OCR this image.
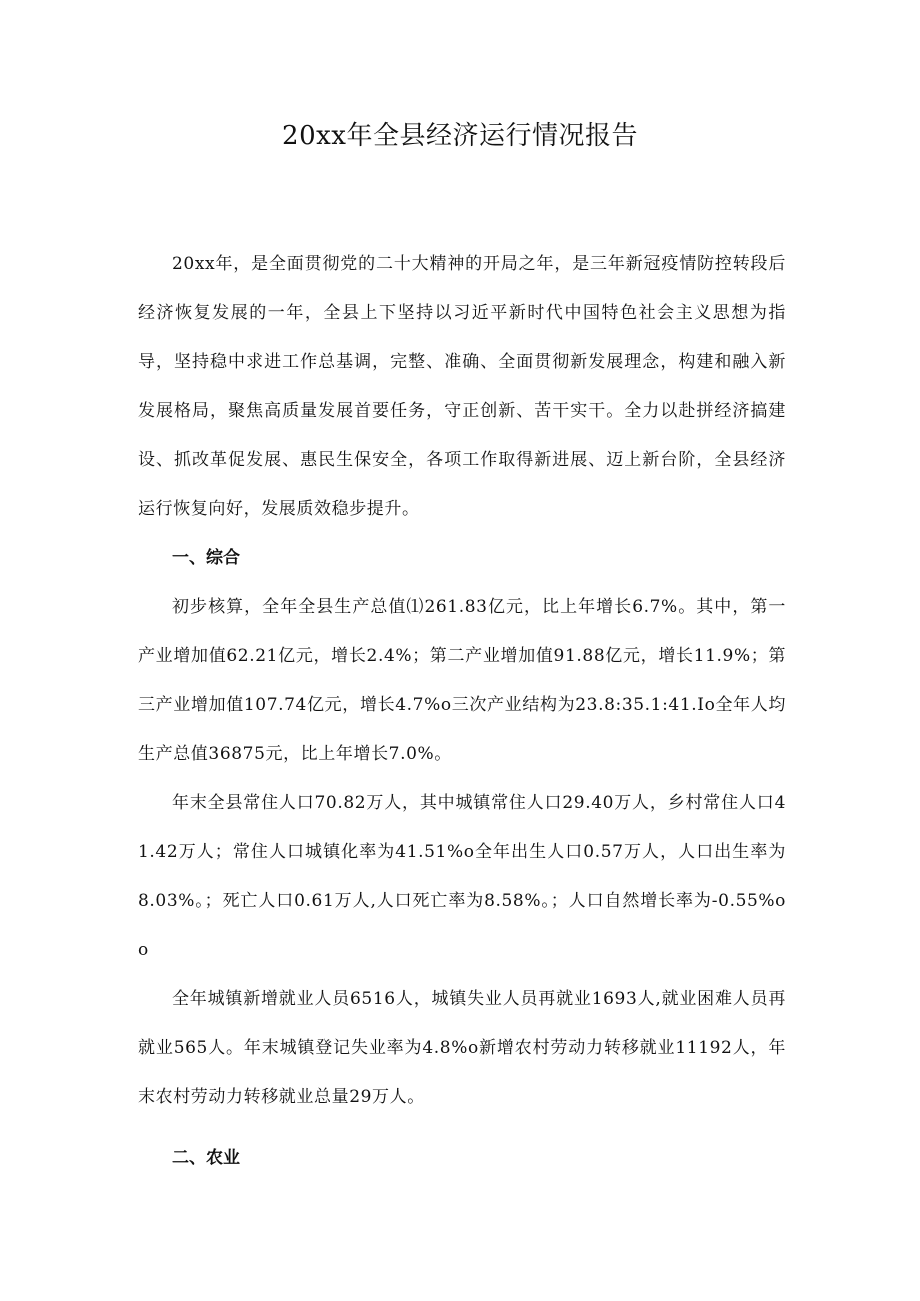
20xx年全县经济运行情况报告

20xx年，是全面贯彻党的二十大精神的开局之年，是三年新冠疫情防控转段后经济恢复发展的一年，全县上下坚持以习近平新时代中国特色社会主义思想为指导，坚持稳中求进工作总基调，完整、准确、全面贯彻新发展理念，构建和融入新发展格局，聚焦高质量发展首要任务，守正创新、苦干实干。全力以赴拼经济搞建设、抓改革促发展、惠民生保安全，各项工作取得新进展、迈上新台阶，全县经济运行恢复向好，发展质效稳步提升。

一、综合

初步核算，全年全县生产总值⑴261.83亿元，比上年增长6.7%。其中，第一产业增加值62.21亿元，增长2.4%；第二产业增加值91.88亿元，增长11.9%；第三产业增加值107.74亿元，增长4.7%o三次产业结构为23.8:35.1:41.Io全年人均生产总值36875元，比上年增长7.0%。

年末全县常住人口70.82万人，其中城镇常住人口29.40万人，乡村常住人口41.42万人；常住人口城镇化率为41.51%o全年出生人口0.57万人，人口出生率为8.03%。；死亡人口0.61万人,人口死亡率为8.58%。；人口自然增长率为-0.55%oo

全年城镇新增就业人员6516人，城镇失业人员再就业1693人,就业困难人员再就业565人。年末城镇登记失业率为4.8%o新增农村劳动力转移就业11192人，年末农村劳动力转移就业总量29万人。

二、农业
